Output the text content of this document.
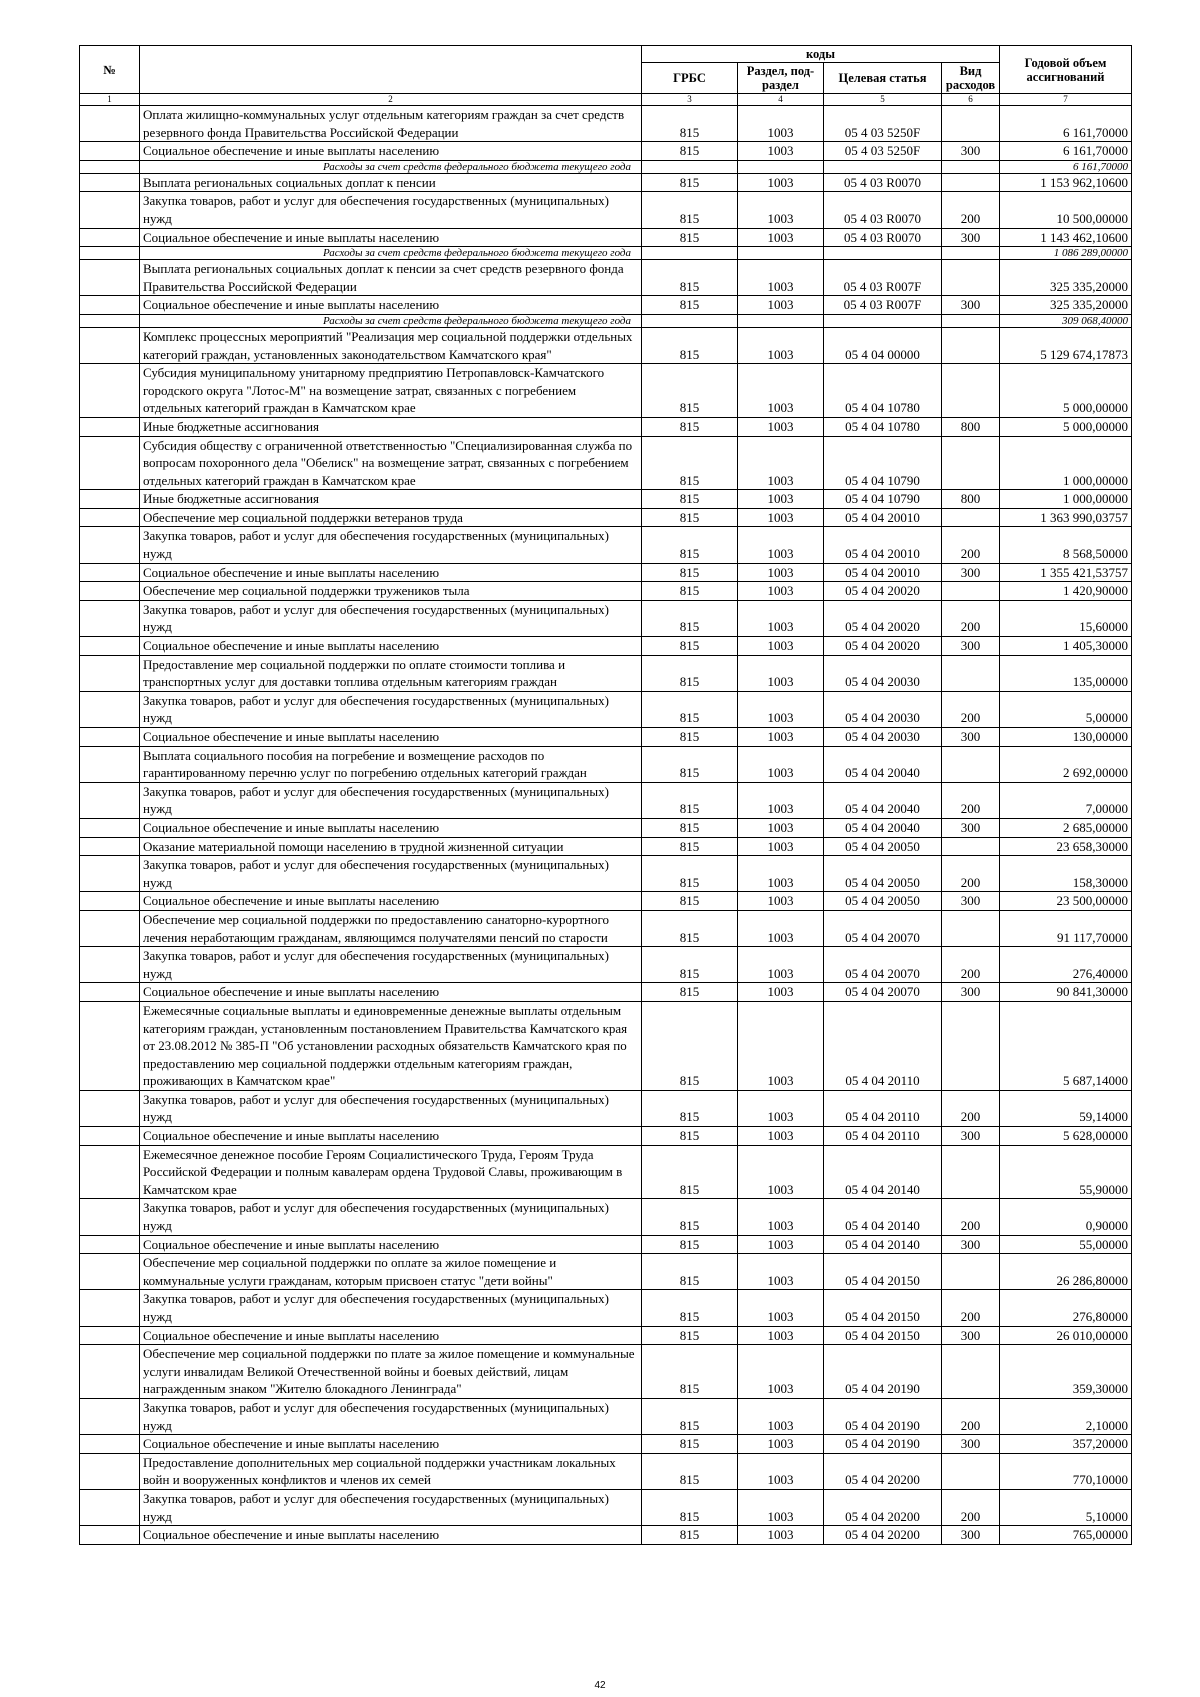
№		коды				Годовой объем ассигнований
		ГРБС	Раздел, под-раздел	Целевая статья	Вид расходов	
1	2	3	4	5	6	7
	Оплата жилищно-коммунальных услуг отдельным категориям граждан за счет средств резервного фонда Правительства Российской Федерации	815	1003	05 4 03 5250F		6 161,70000
	Социальное обеспечение и иные выплаты населению	815	1003	05 4 03 5250F	300	6 161,70000
	Расходы за счет средств федерального бюджета текущего года					6 161,70000
	Выплата региональных социальных доплат к пенсии	815	1003	05 4 03 R0070		1 153 962,10600
	Закупка товаров, работ и услуг для обеспечения государственных (муниципальных) нужд	815	1003	05 4 03 R0070	200	10 500,00000
	Социальное обеспечение и иные выплаты населению	815	1003	05 4 03 R0070	300	1 143 462,10600
	Расходы за счет средств федерального бюджета текущего года					1 086 289,00000
	Выплата региональных социальных доплат к пенсии за счет средств резервного фонда Правительства Российской Федерации	815	1003	05 4 03 R007F		325 335,20000
	Социальное обеспечение и иные выплаты населению	815	1003	05 4 03 R007F	300	325 335,20000
	Расходы за счет средств федерального бюджета текущего года					309 068,40000
	Комплекс процессных мероприятий "Реализация мер социальной поддержки отдельных категорий граждан, установленных законодательством Камчатского края"	815	1003	05 4 04 00000		5 129 674,17873
	Субсидия муниципальному унитарному предприятию Петропавловск-Камчатского городского округа "Лотос-М" на возмещение затрат, связанных с погребением отдельных категорий граждан в Камчатском крае	815	1003	05 4 04 10780		5 000,00000
	Иные бюджетные ассигнования	815	1003	05 4 04 10780	800	5 000,00000
	Субсидия обществу с ограниченной ответственностью "Специализированная служба по вопросам похоронного дела "Обелиск" на возмещение затрат, связанных с погребением отдельных категорий граждан в Камчатском крае	815	1003	05 4 04 10790		1 000,00000
	Иные бюджетные ассигнования	815	1003	05 4 04 10790	800	1 000,00000
	Обеспечение мер социальной поддержки ветеранов труда	815	1003	05 4 04 20010		1 363 990,03757
	Закупка товаров, работ и услуг для обеспечения государственных (муниципальных) нужд	815	1003	05 4 04 20010	200	8 568,50000
	Социальное обеспечение и иные выплаты населению	815	1003	05 4 04 20010	300	1 355 421,53757
	Обеспечение мер социальной поддержки тружеников тыла	815	1003	05 4 04 20020		1 420,90000
	Закупка товаров, работ и услуг для обеспечения государственных (муниципальных) нужд	815	1003	05 4 04 20020	200	15,60000
	Социальное обеспечение и иные выплаты населению	815	1003	05 4 04 20020	300	1 405,30000
	Предоставление мер социальной поддержки по оплате стоимости топлива и транспортных услуг для доставки топлива отдельным категориям граждан	815	1003	05 4 04 20030		135,00000
	Закупка товаров, работ и услуг для обеспечения государственных (муниципальных) нужд	815	1003	05 4 04 20030	200	5,00000
	Социальное обеспечение и иные выплаты населению	815	1003	05 4 04 20030	300	130,00000
	Выплата социального пособия на погребение и возмещение расходов по гарантированному перечню услуг по погребению отдельных категорий граждан	815	1003	05 4 04 20040		2 692,00000
	Закупка товаров, работ и услуг для обеспечения государственных (муниципальных) нужд	815	1003	05 4 04 20040	200	7,00000
	Социальное обеспечение и иные выплаты населению	815	1003	05 4 04 20040	300	2 685,00000
	Оказание материальной помощи населению в трудной жизненной ситуации	815	1003	05 4 04 20050		23 658,30000
	Закупка товаров, работ и услуг для обеспечения государственных (муниципальных) нужд	815	1003	05 4 04 20050	200	158,30000
	Социальное обеспечение и иные выплаты населению	815	1003	05 4 04 20050	300	23 500,00000
	Обеспечение мер социальной поддержки по предоставлению санаторно-курортного лечения неработающим гражданам, являющимся получателями пенсий по старости	815	1003	05 4 04 20070		91 117,70000
	Закупка товаров, работ и услуг для обеспечения государственных (муниципальных) нужд	815	1003	05 4 04 20070	200	276,40000
	Социальное обеспечение и иные выплаты населению	815	1003	05 4 04 20070	300	90 841,30000
	Ежемесячные социальные выплаты и единовременные денежные выплаты отдельным категориям граждан, установленным постановлением Правительства Камчатского края от 23.08.2012 № 385-П "Об установлении расходных обязательств Камчатского края по предоставлению мер социальной поддержки отдельным категориям граждан, проживающих в Камчатском крае"	815	1003	05 4 04 20110		5 687,14000
	Закупка товаров, работ и услуг для обеспечения государственных (муниципальных) нужд	815	1003	05 4 04 20110	200	59,14000
	Социальное обеспечение и иные выплаты населению	815	1003	05 4 04 20110	300	5 628,00000
	Ежемесячное денежное пособие Героям Социалистического Труда, Героям Труда Российской Федерации и полным кавалерам ордена Трудовой Славы, проживающим в Камчатском крае	815	1003	05 4 04 20140		55,90000
	Закупка товаров, работ и услуг для обеспечения государственных (муниципальных) нужд	815	1003	05 4 04 20140	200	0,90000
	Социальное обеспечение и иные выплаты населению	815	1003	05 4 04 20140	300	55,00000
	Обеспечение мер социальной поддержки по оплате за жилое помещение и коммунальные услуги гражданам, которым присвоен статус "дети войны"	815	1003	05 4 04 20150		26 286,80000
	Закупка товаров, работ и услуг для обеспечения государственных (муниципальных) нужд	815	1003	05 4 04 20150	200	276,80000
	Социальное обеспечение и иные выплаты населению	815	1003	05 4 04 20150	300	26 010,00000
	Обеспечение мер социальной поддержки по плате за жилое помещение и коммунальные услуги инвалидам Великой Отечественной войны и боевых действий, лицам награжденным знаком "Жителю блокадного Ленинграда"	815	1003	05 4 04 20190		359,30000
	Закупка товаров, работ и услуг для обеспечения государственных (муниципальных) нужд	815	1003	05 4 04 20190	200	2,10000
	Социальное обеспечение и иные выплаты населению	815	1003	05 4 04 20190	300	357,20000
	Предоставление дополнительных мер социальной поддержки участникам локальных войн и вооруженных конфликтов и членов их семей	815	1003	05 4 04 20200		770,10000
	Закупка товаров, работ и услуг для обеспечения государственных (муниципальных) нужд	815	1003	05 4 04 20200	200	5,10000
	Социальное обеспечение и иные выплаты населению	815	1003	05 4 04 20200	300	765,00000
42
